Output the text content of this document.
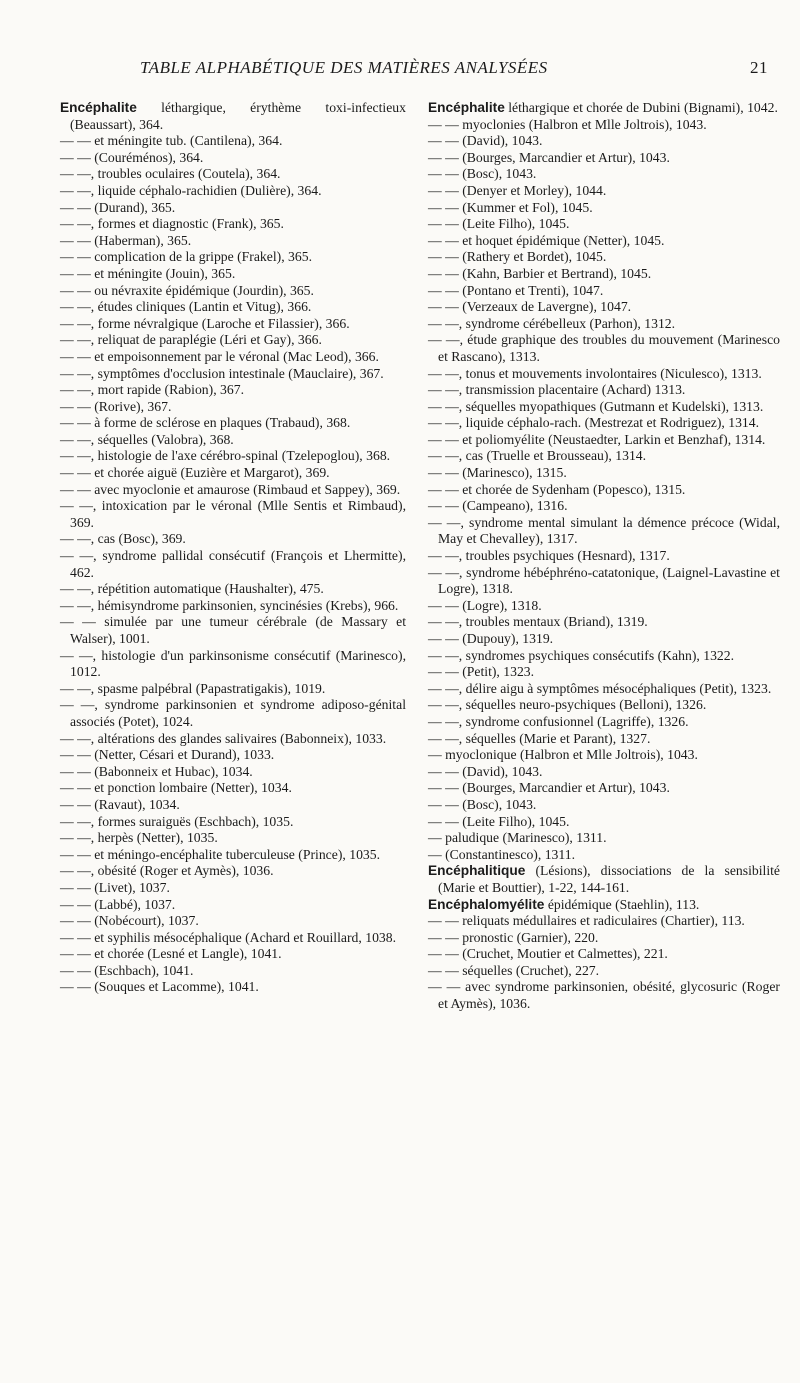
TABLE ALPHABÉTIQUE DES MATIÈRES ANALYSÉES	21

Encéphalite léthargique, érythème toxi-infectieux (Beaussart), 364.

— — et méningite tub. (Cantilena), 364.

— — (Couréménos), 364.

— —, troubles oculaires (Coutela), 364.

— —, liquide céphalo-rachidien (Dulière), 364.

— — (Durand), 365.

— —, formes et diagnostic (Frank), 365.

— — (Haberman), 365.

— — complication de la grippe (Frakel), 365.

— — et méningite (Jouin), 365.

— — ou névraxite épidémique (Jourdin), 365.

— —, études cliniques (Lantin et Vitug), 366.

— —, forme névralgique (Laroche et Filassier), 366.

— —, reliquat de paraplégie (Léri et Gay), 366.

— — et empoisonnement par le véronal (Mac Leod), 366.

— —, symptômes d'occlusion intestinale (Mauclaire), 367.

— —, mort rapide (Rabion), 367.

— — (Rorive), 367.

— — à forme de sclérose en plaques (Trabaud), 368.

— —, séquelles (Valobra), 368.

— —, histologie de l'axe cérébro-spinal (Tzelepoglou), 368.

— — et chorée aiguë (Euzière et Margarot), 369.

— — avec myoclonie et amaurose (Rimbaud et Sappey), 369.

— —, intoxication par le véronal (Mlle Sentis et Rimbaud), 369.

— —, cas (Bosc), 369.

— —, syndrome pallidal consécutif (François et Lhermitte), 462.

— —, répétition automatique (Haushalter), 475.

— —, hémisyndrome parkinsonien, syncinésies (Krebs), 966.

— — simulée par une tumeur cérébrale (de Massary et Walser), 1001.

— —, histologie d'un parkinsonisme consécutif (Marinesco), 1012.

— —, spasme palpébral (Papastratigakis), 1019.

— —, syndrome parkinsonien et syndrome adiposo-génital associés (Potet), 1024.

— —, altérations des glandes salivaires (Babonneix), 1033.

— — (Netter, Césari et Durand), 1033.

— — (Babonneix et Hubac), 1034.

— — et ponction lombaire (Netter), 1034.

— — (Ravaut), 1034.

— —, formes suraiguës (Eschbach), 1035.

— —, herpès (Netter), 1035.

— — et méningo-encéphalite tuberculeuse (Prince), 1035.

— —, obésité (Roger et Aymès), 1036.

— — (Livet), 1037.

— — (Labbé), 1037.

— — (Nobécourt), 1037.

— — et syphilis mésocéphalique (Achard et Rouillard, 1038.

— — et chorée (Lesné et Langle), 1041.

— — (Eschbach), 1041.

— — (Souques et Lacomme), 1041.

Encéphalite léthargique et chorée de Dubini (Bignami), 1042.

— — myoclonies (Halbron et Mlle Joltrois), 1043.

— — (David), 1043.

— — (Bourges, Marcandier et Artur), 1043.

— — (Bosc), 1043.

— — (Denyer et Morley), 1044.

— — (Kummer et Fol), 1045.

— — (Leite Filho), 1045.

— — et hoquet épidémique (Netter), 1045.

— — (Rathery et Bordet), 1045.

— — (Kahn, Barbier et Bertrand), 1045.

— — (Pontano et Trenti), 1047.

— — (Verzeaux de Lavergne), 1047.

— —, syndrome cérébelleux (Parhon), 1312.

— —, étude graphique des troubles du mouvement (Marinesco et Rascano), 1313.

— —, tonus et mouvements involontaires (Niculesco), 1313.

— —, transmission placentaire (Achard) 1313.

— —, séquelles myopathiques (Gutmann et Kudelski), 1313.

— —, liquide céphalo-rach. (Mestrezat et Rodriguez), 1314.

— — et poliomyélite (Neustaedter, Larkin et Benzhaf), 1314.

— —, cas (Truelle et Brousseau), 1314.

— — (Marinesco), 1315.

— — et chorée de Sydenham (Popesco), 1315.

— — (Campeano), 1316.

— —, syndrome mental simulant la démence précoce (Widal, May et Chevalley), 1317.

— —, troubles psychiques (Hesnard), 1317.

— —, syndrome hébéphréno-catatonique, (Laignel-Lavastine et Logre), 1318.

— — (Logre), 1318.

— —, troubles mentaux (Briand), 1319.

— — (Dupouy), 1319.

— —, syndromes psychiques consécutifs (Kahn), 1322.

— — (Petit), 1323.

— —, délire aigu à symptômes mésocéphaliques (Petit), 1323.

— —, séquelles neuro-psychiques (Belloni), 1326.

— —, syndrome confusionnel (Lagriffe), 1326.

— —, séquelles (Marie et Parant), 1327.

— myoclonique (Halbron et Mlle Joltrois), 1043.

— — (David), 1043.

— — (Bourges, Marcandier et Artur), 1043.

— — (Bosc), 1043.

— — (Leite Filho), 1045.

— paludique (Marinesco), 1311.

— (Constantinesco), 1311.

Encéphalitique (Lésions), dissociations de la sensibilité (Marie et Bouttier), 1-22, 144-161.

Encéphalomyélite épidémique (Staehlin), 113.

— — reliquats médullaires et radiculaires (Chartier), 113.

— — pronostic (Garnier), 220.

— — (Cruchet, Moutier et Calmettes), 221.

— — séquelles (Cruchet), 227.

— — avec syndrome parkinsonien, obésité, glycosuric (Roger et Aymès), 1036.
